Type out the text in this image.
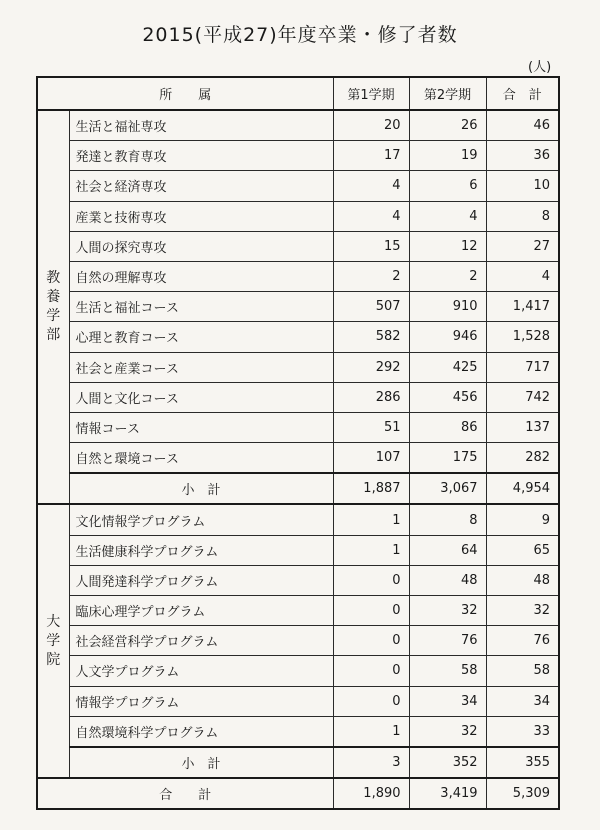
2015(平成27)年度卒業・修了者数
(人)
所　　属		第1学期	第2学期	合　計

教
養
学
部	生活と福祉専攻	20	26	46
	発達と教育専攻	17	19	36
	社会と経済専攻	4	6	10
	産業と技術専攻	4	4	8
	人間の探究専攻	15	12	27
	自然の理解専攻	2	2	4
	生活と福祉コース	507	910	1,417
	心理と教育コース	582	946	1,528
	社会と産業コース	292	425	717
	人間と文化コース	286	456	742
	情報コース	51	86	137
	自然と環境コース	107	175	282
	小　計	1,887	3,067	4,954

大
学
院	文化情報学プログラム	1	8	9
	生活健康科学プログラム	1	64	65
	人間発達科学プログラム	0	48	48
	臨床心理学プログラム	0	32	32
	社会経営科学プログラム	0	76	76
	人文学プログラム	0	58	58
	情報学プログラム	0	34	34
	自然環境科学プログラム	1	32	33
	小　計	3	352	355
合　　計		1,890	3,419	5,309
